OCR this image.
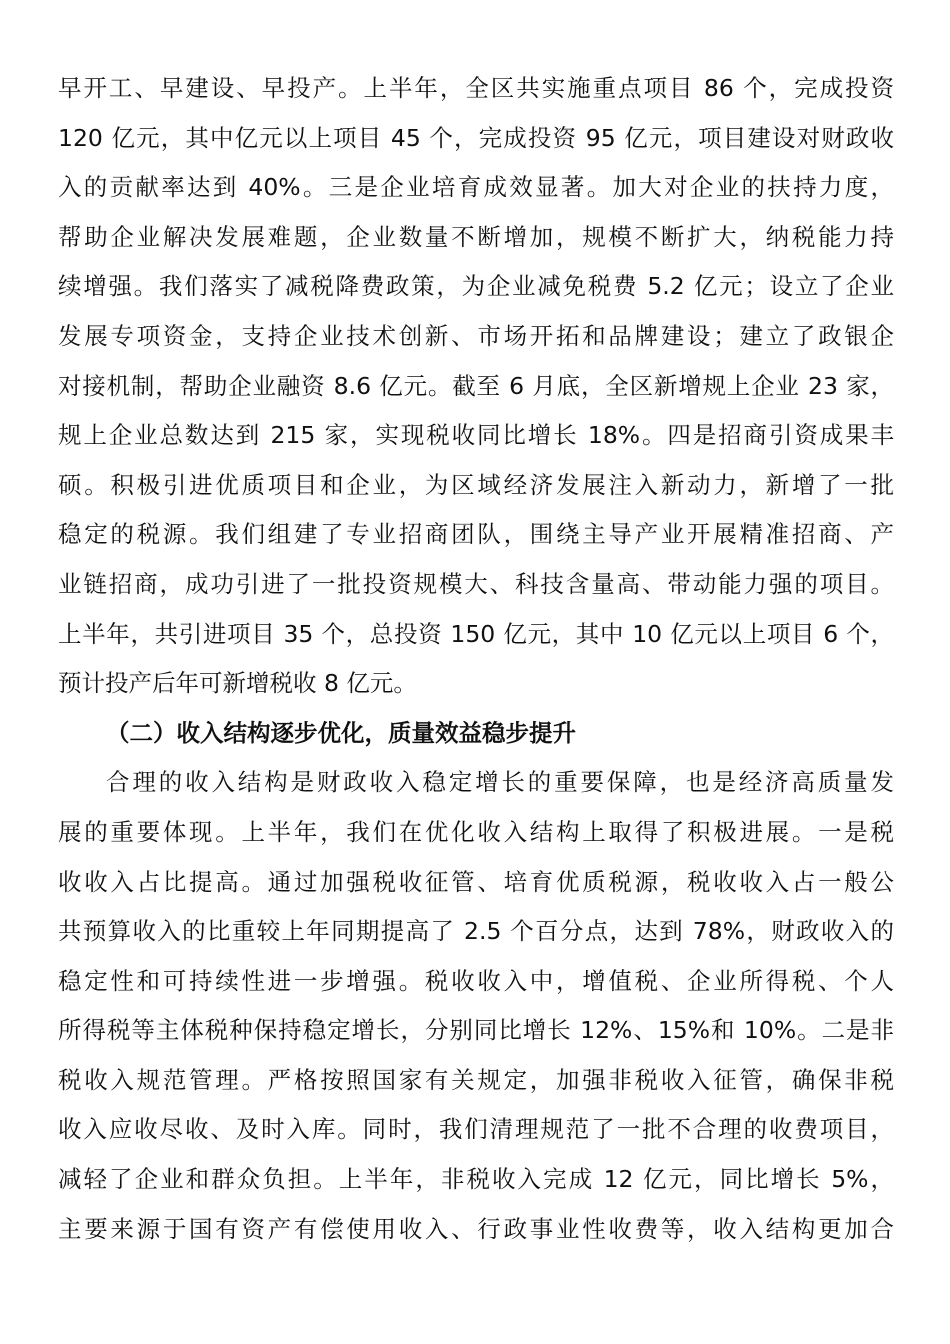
早开工、早建设、早投产。上半年，全区共实施重点项目 86 个，完成投资
120 亿元，其中亿元以上项目 45 个，完成投资 95 亿元，项目建设对财政收
入的贡献率达到 40%。三是企业培育成效显著。加大对企业的扶持力度，
帮助企业解决发展难题，企业数量不断增加，规模不断扩大，纳税能力持
续增强。我们落实了减税降费政策，为企业减免税费 5.2 亿元；设立了企业
发展专项资金，支持企业技术创新、市场开拓和品牌建设；建立了政银企
对接机制，帮助企业融资 8.6 亿元。截至 6 月底，全区新增规上企业 23 家，
规上企业总数达到 215 家，实现税收同比增长 18%。四是招商引资成果丰
硕。积极引进优质项目和企业，为区域经济发展注入新动力，新增了一批
稳定的税源。我们组建了专业招商团队，围绕主导产业开展精准招商、产
业链招商，成功引进了一批投资规模大、科技含量高、带动能力强的项目。
上半年，共引进项目 35 个，总投资 150 亿元，其中 10 亿元以上项目 6 个，
预计投产后年可新增税收 8 亿元。
（二）收入结构逐步优化，质量效益稳步提升
合理的收入结构是财政收入稳定增长的重要保障，也是经济高质量发
展的重要体现。上半年，我们在优化收入结构上取得了积极进展。一是税
收收入占比提高。通过加强税收征管、培育优质税源，税收收入占一般公
共预算收入的比重较上年同期提高了 2.5 个百分点，达到 78%，财政收入的
稳定性和可持续性进一步增强。税收收入中，增值税、企业所得税、个人
所得税等主体税种保持稳定增长，分别同比增长 12%、15%和 10%。二是非
税收入规范管理。严格按照国家有关规定，加强非税收入征管，确保非税
收入应收尽收、及时入库。同时，我们清理规范了一批不合理的收费项目，
减轻了企业和群众负担。上半年，非税收入完成 12 亿元，同比增长 5%，
主要来源于国有资产有偿使用收入、行政事业性收费等，收入结构更加合
